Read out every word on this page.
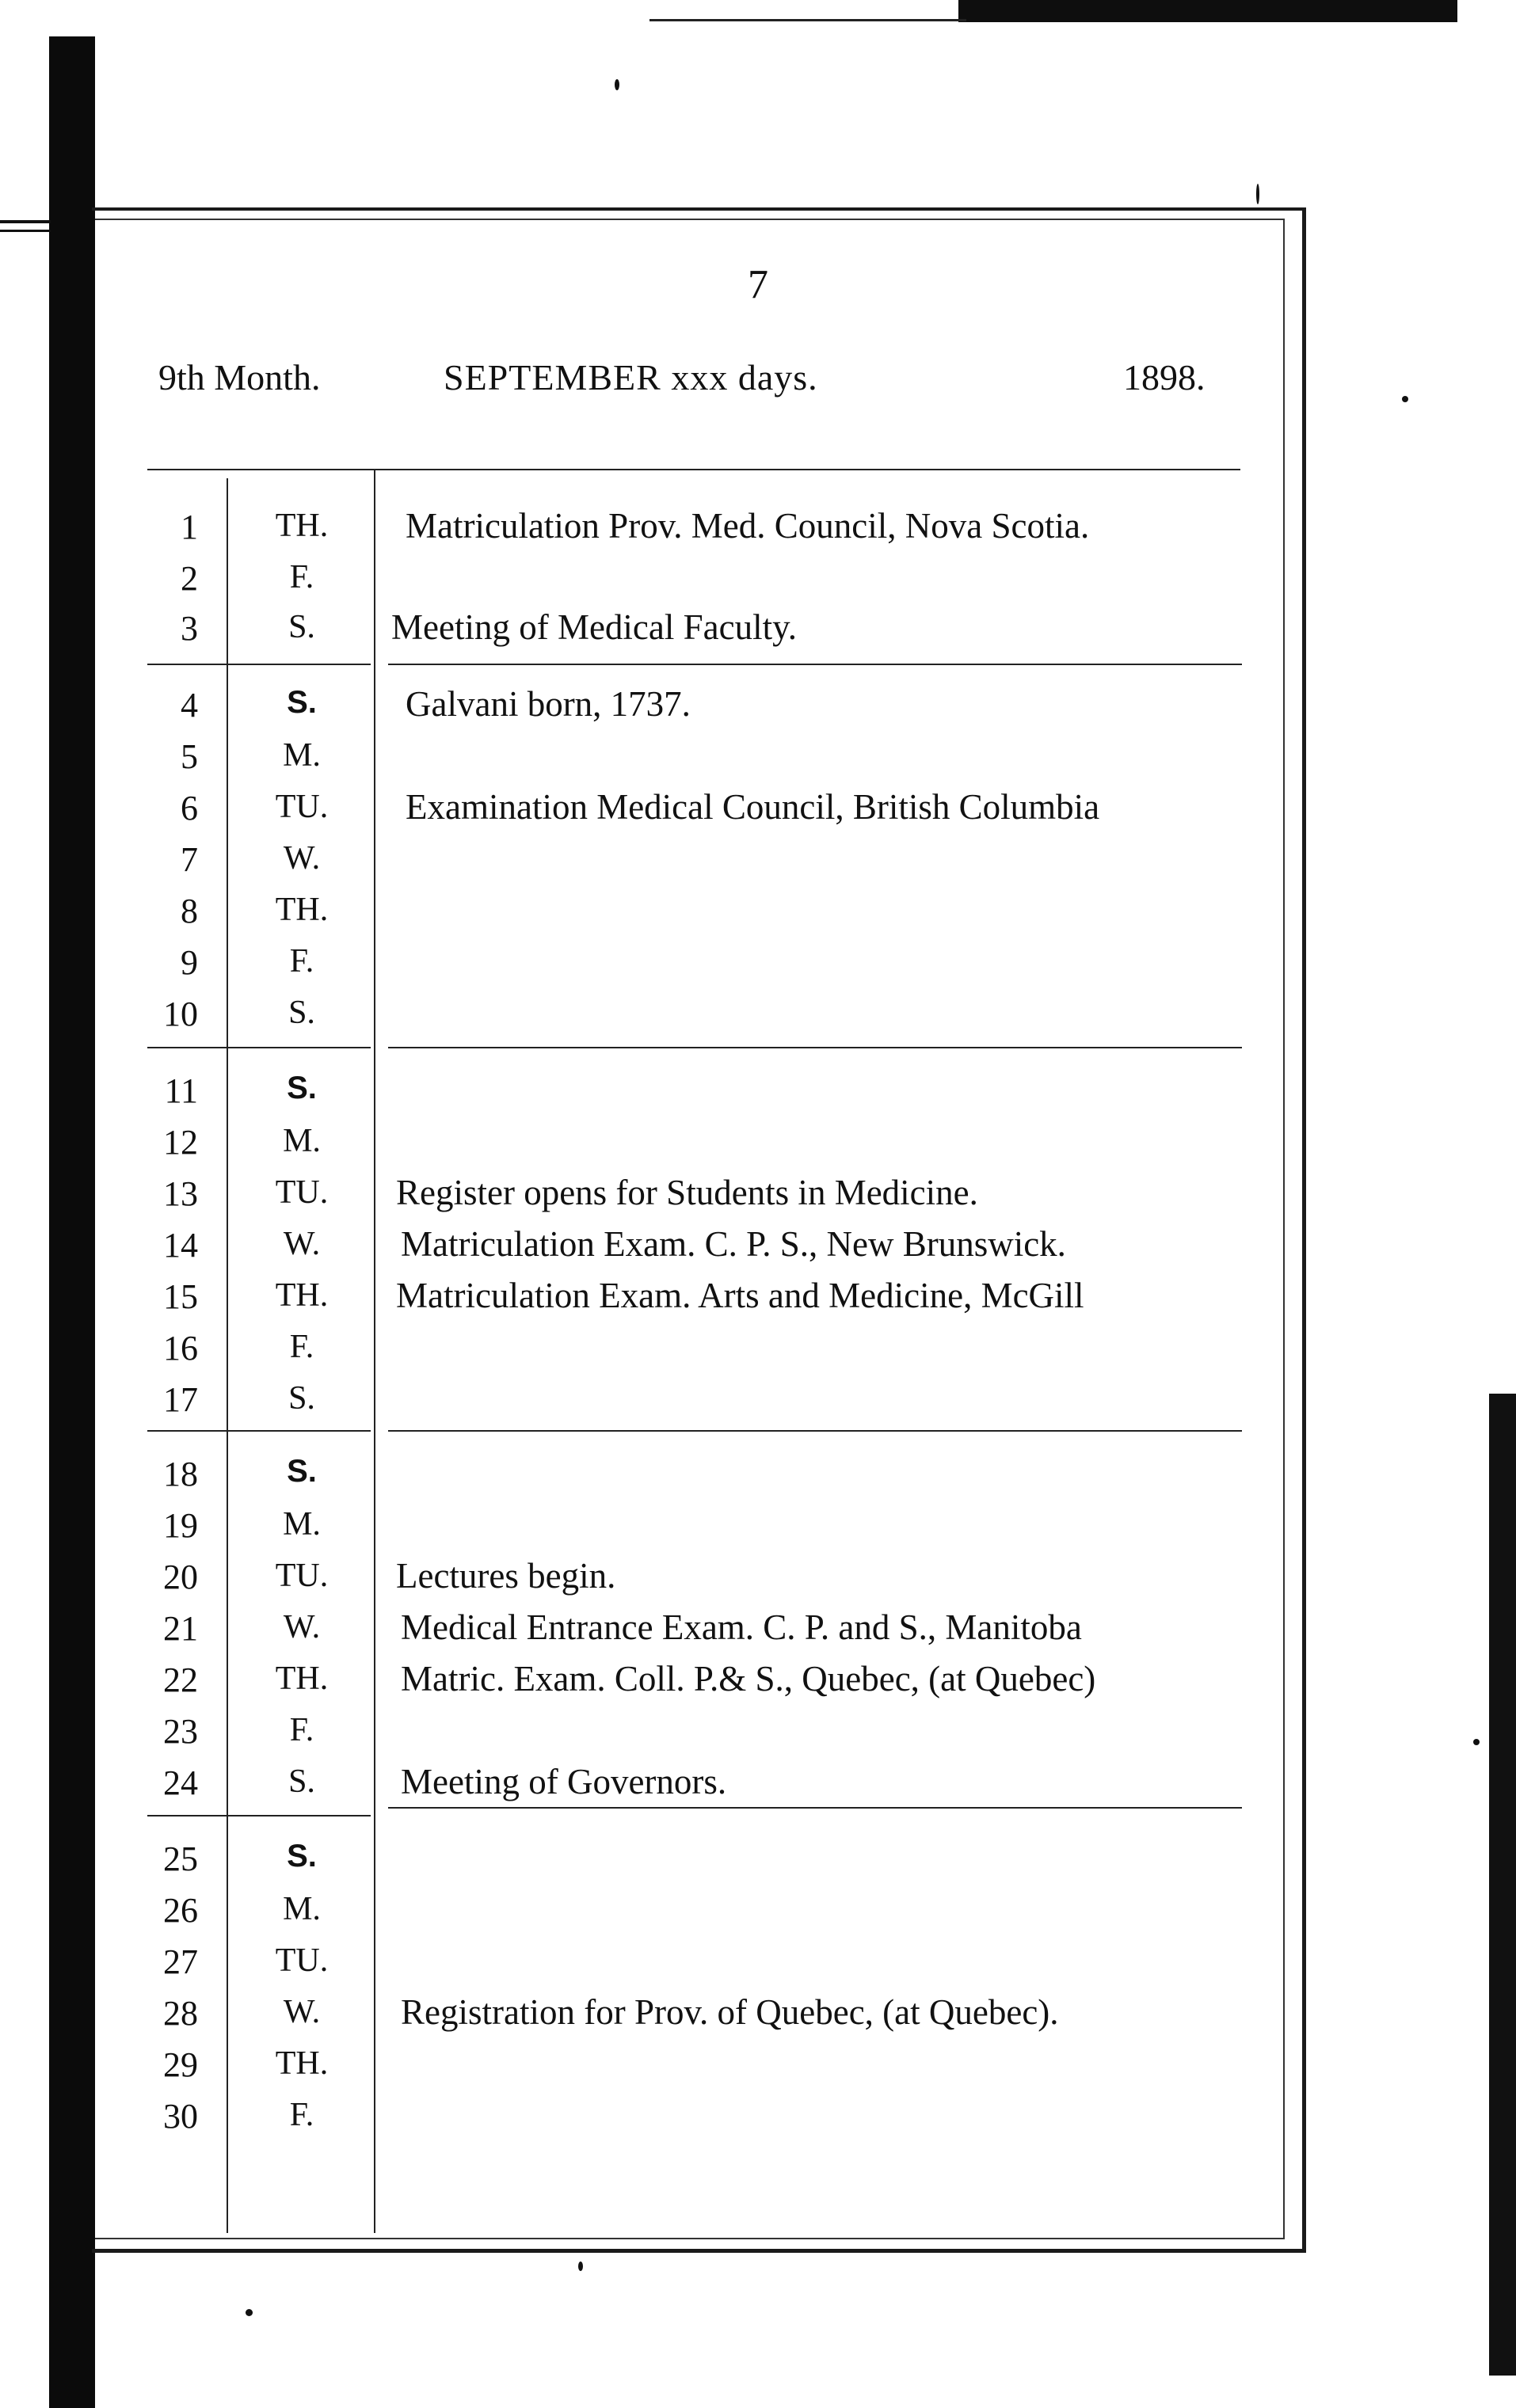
7
9th Month.	SEPTEMBER xxx days.	1898.
1	TH.	Matriculation Prov. Med. Council, Nova Scotia.
2	F.
3	S.	Meeting of Medical Faculty.
4	S.	Galvani born, 1737.
5	M.
6	TU.	Examination Medical Council, British Columbia
7	W.
8	TH.
9	F.
10	S.
11	S.
12	M.
13	TU.	Register opens for Students in Medicine.
14	W.	Matriculation Exam. C. P. S., New Brunswick.
15	TH.	Matriculation Exam. Arts and Medicine, McGill
16	F.
17	S.
18	S.
19	M.
20	TU.	Lectures begin.
21	W.	Medical Entrance Exam. C. P. and S., Manitoba
22	TH.	Matric. Exam. Coll. P.& S., Quebec, (at Quebec)
23	F.
24	S.	Meeting of Governors.
25	S.
26	M.
27	TU.
28	W.	Registration for Prov. of Quebec, (at Quebec).
29	TH.
30	F.
